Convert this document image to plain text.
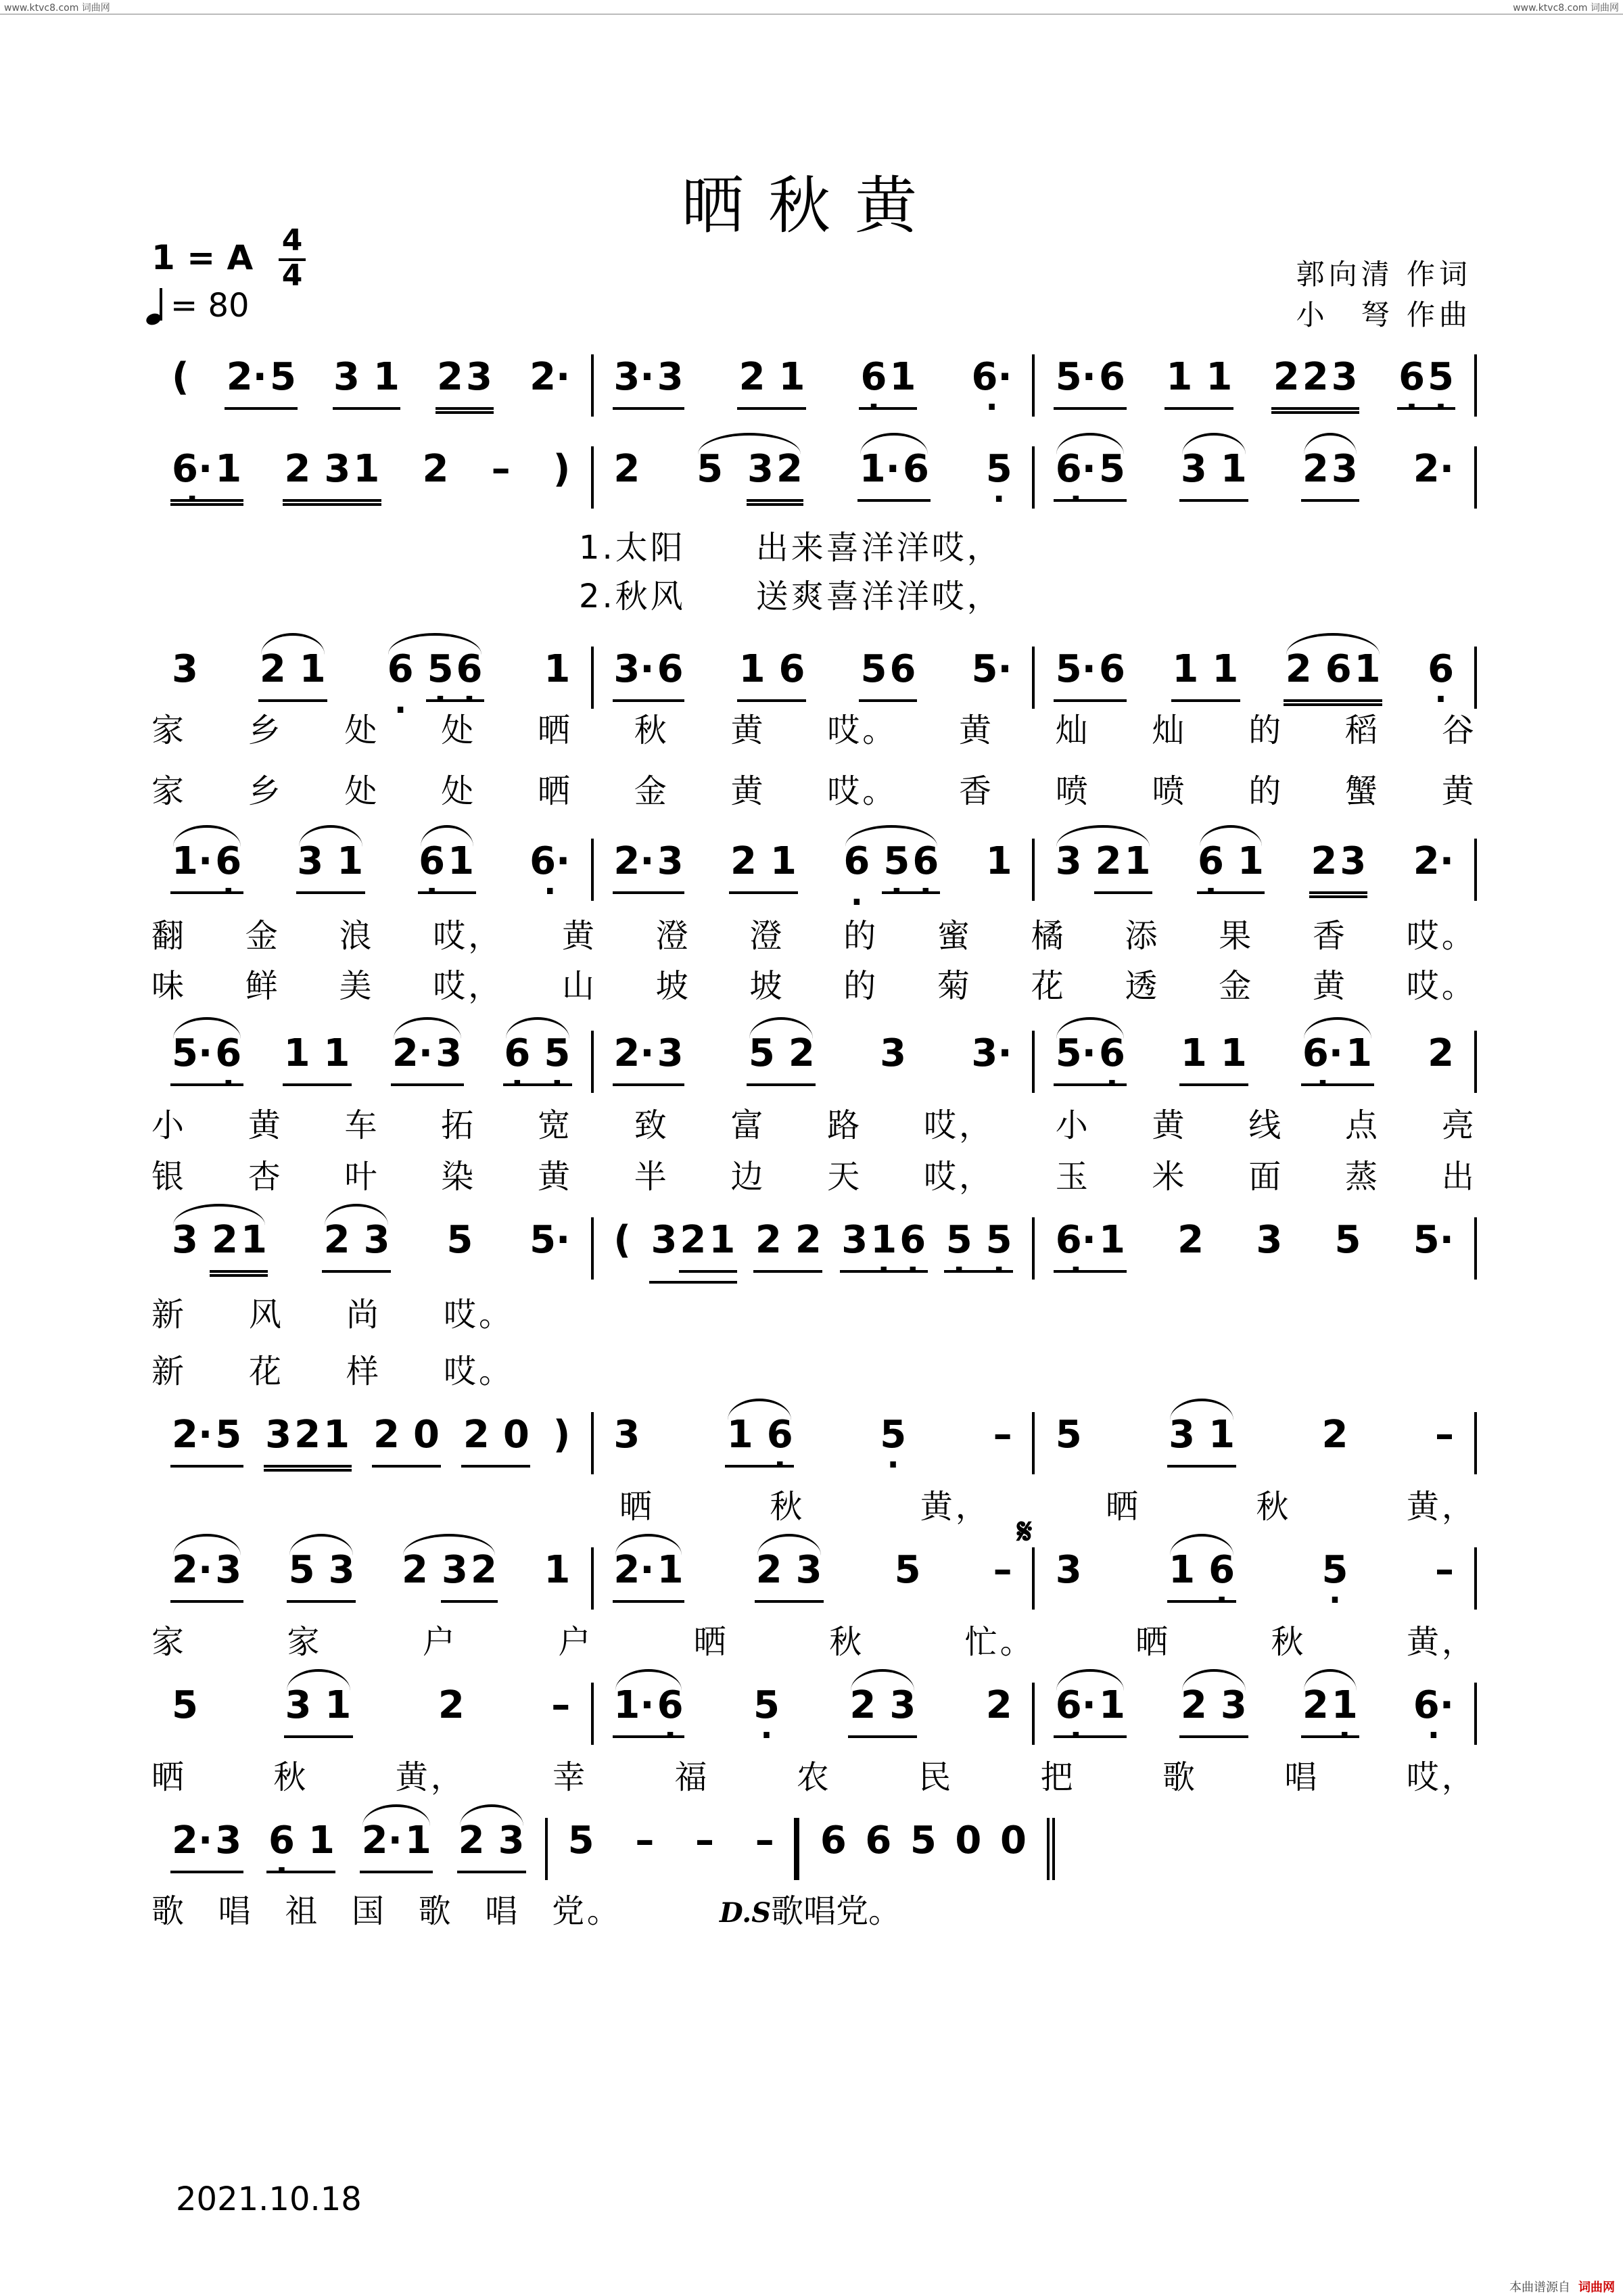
www.ktvc8.com 词曲网	www.ktvc8.com 词曲网
晒秋黄
1 = A $\frac{4}{4}$
= 80
郭向清 作词
小　弩 作曲
( 2· 5 3 1 2 3 2· 3· 3	2 1	6 · 1	6· · 5· 6 1 1 2 2 3 6 · 5 ·
6· · 1 2 3 1 2 – ) 2	5 3 2	1· 6	5 · 6· · 5	3 1	2 3	2·
1.太阳　　出来喜洋洋哎，
2.秋风　　送爽喜洋洋哎，
3	2 1	6 · 5 · 6 ·	1 3· 6	1 6	5 6	5· 5· 6 1 1 2 6 1 6 ·
家	乡	处	处	晒	秋	黄	哎。	黄	灿	灿	的	稻	谷
家	乡	处	处	晒	金	黄	哎。	香	喷	喷	的	蟹	黄
1· 6 ·	3 1	6 · 1	6· · 2· 3 2 1 6 · 5 · 6 · 1 3 2 1 6 · 1 2 3 2·
翻	金	浪	哎，	黄	澄	澄	的	蜜	橘	添	果	香	哎。
味	鲜	美	哎，	山	坡	坡	的	菊	花	透	金	黄	哎。
5· 6 · 1 1 2· 3 6 · 5 · 2· 3	5 2	3	3· 5· 6 ·	1 1	6· · 1	2
小	黄	车	拓	宽	致	富	路	哎，	小	黄	线	点	亮
银	杏	叶	染	黄	半	边	天	哎，	玉	米	面	蒸	出
3 2 1	2 3	5	5· ( 3 2 1 2 2 3 1 · 6 · 5 · 5 · 6· · 1	2	3	5	5·
新	风	尚	哎。
新	花	样	哎。
2· 5 3 2 1 2 0 2 0 ) 3	1 6 ·	5 ·	– 5	3 1	2	–
晒	秋	黄，	晒	秋	黄，
𝄋
2· 3 5 3 2 3 2 1 2· 1	2 3	5	– 3	1 6 ·	5 ·	–
家	家	户	户	晒	秋	忙。	晒	秋	黄，
5	3 1	2	– 1· 6 ·	5 ·	2 3	2 6· · 1	2 3	2 1 ·	6· ·
晒	秋	黄，	幸	福	农	民	把	歌	唱	哎，
2· 3 6 · 1 2· 1 2 3 5 – – – 6 6 5 0 0
歌 唱 祖 国 歌 唱 党。	D.S歌唱党。
2021.10.18
本曲谱源自 词曲网
